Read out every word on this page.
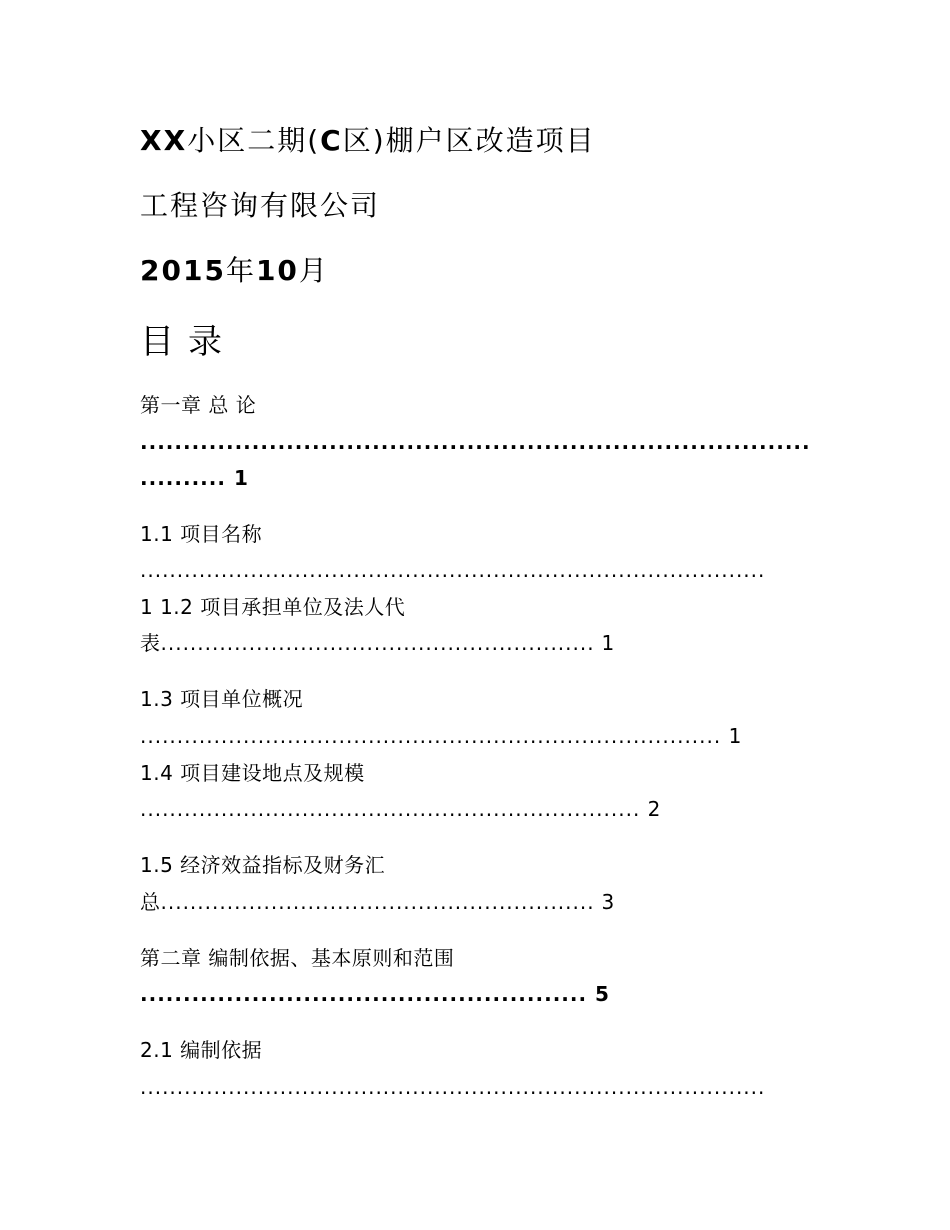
XX小区二期(C区)棚户区改造项目
工程咨询有限公司
2015年10月
目录
第一章 总 论
..............................................................................
.......... 1
1.1 项目名称
.....................................................................................
1 1.2 项目承担单位及法人代
表........................................................... 1
1.3 项目单位概况
............................................................................... 1
1.4 项目建设地点及规模
.................................................................... 2
1.5 经济效益指标及财务汇
总........................................................... 3
第二章 编制依据、基本原则和范围
.................................................... 5
2.1 编制依据
.....................................................................................
